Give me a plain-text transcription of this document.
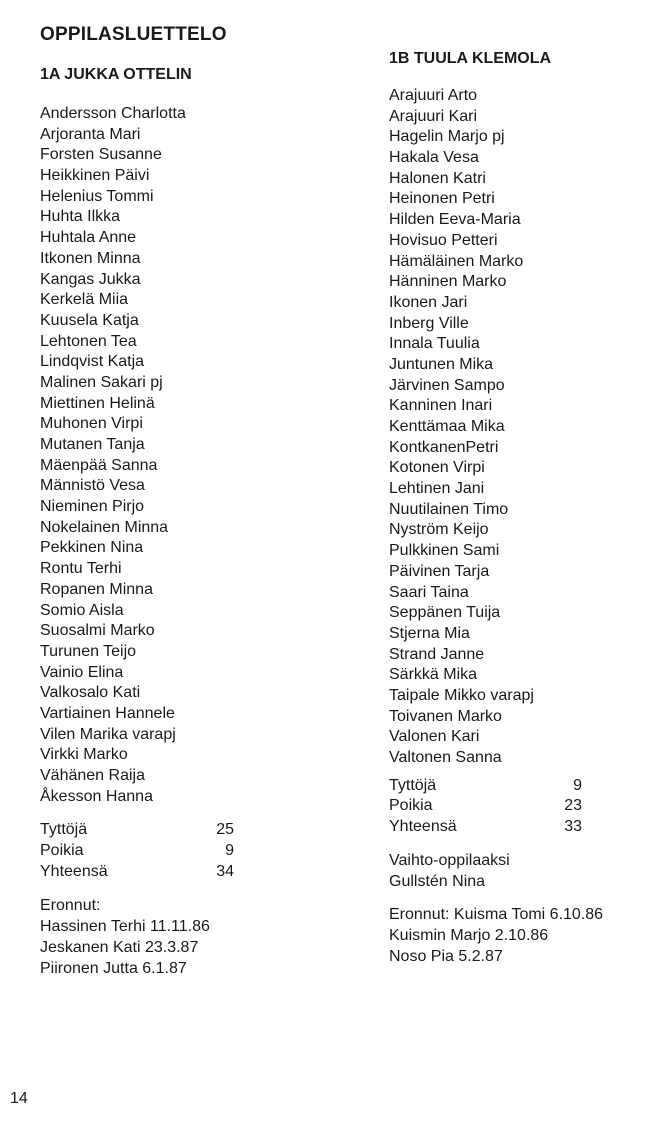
OPPILASLUETTELO
1A JUKKA OTTELIN
Andersson Charlotta
Arjoranta Mari
Forsten Susanne
Heikkinen Päivi
Helenius Tommi
Huhta Ilkka
Huhtala Anne
Itkonen Minna
Kangas Jukka
Kerkelä Miia
Kuusela Katja
Lehtonen Tea
Lindqvist Katja
Malinen Sakari pj
Miettinen Helinä
Muhonen Virpi
Mutanen Tanja
Mäenpää Sanna
Männistö Vesa
Nieminen Pirjo
Nokelainen Minna
Pekkinen Nina
Rontu Terhi
Ropanen Minna
Somio Aisla
Suosalmi Marko
Turunen Teijo
Vainio Elina
Valkosalo Kati
Vartiainen Hannele
Vilen Marika varapj
Virkki Marko
Vähänen Raija
Åkesson Hanna
Tyttöjä	25
Poikia	9
Yhteensä	34
Eronnut:
Hassinen Terhi 11.11.86
Jeskanen Kati 23.3.87
Piironen Jutta 6.1.87
1B TUULA KLEMOLA
Arajuuri Arto
Arajuuri Kari
Hagelin Marjo pj
Hakala Vesa
Halonen Katri
Heinonen Petri
Hilden Eeva-Maria
Hovisuo Petteri
Hämäläinen Marko
Hänninen Marko
Ikonen Jari
Inberg Ville
Innala Tuulia
Juntunen Mika
Järvinen Sampo
Kanninen Inari
Kenttämaa Mika
KontkanenPetri
Kotonen Virpi
Lehtinen Jani
Nuutilainen Timo
Nyström Keijo
Pulkkinen Sami
Päivinen Tarja
Saari Taina
Seppänen Tuija
Stjerna Mia
Strand Janne
Särkkä Mika
Taipale Mikko varapj
Toivanen Marko
Valonen Kari
Valtonen Sanna
Tyttöjä	9
Poikia	23
Yhteensä	33
Vaihto-oppilaaksi
Gullstén Nina
Eronnut: Kuisma Tomi 6.10.86
Kuismin Marjo 2.10.86
Noso Pia 5.2.87
14
